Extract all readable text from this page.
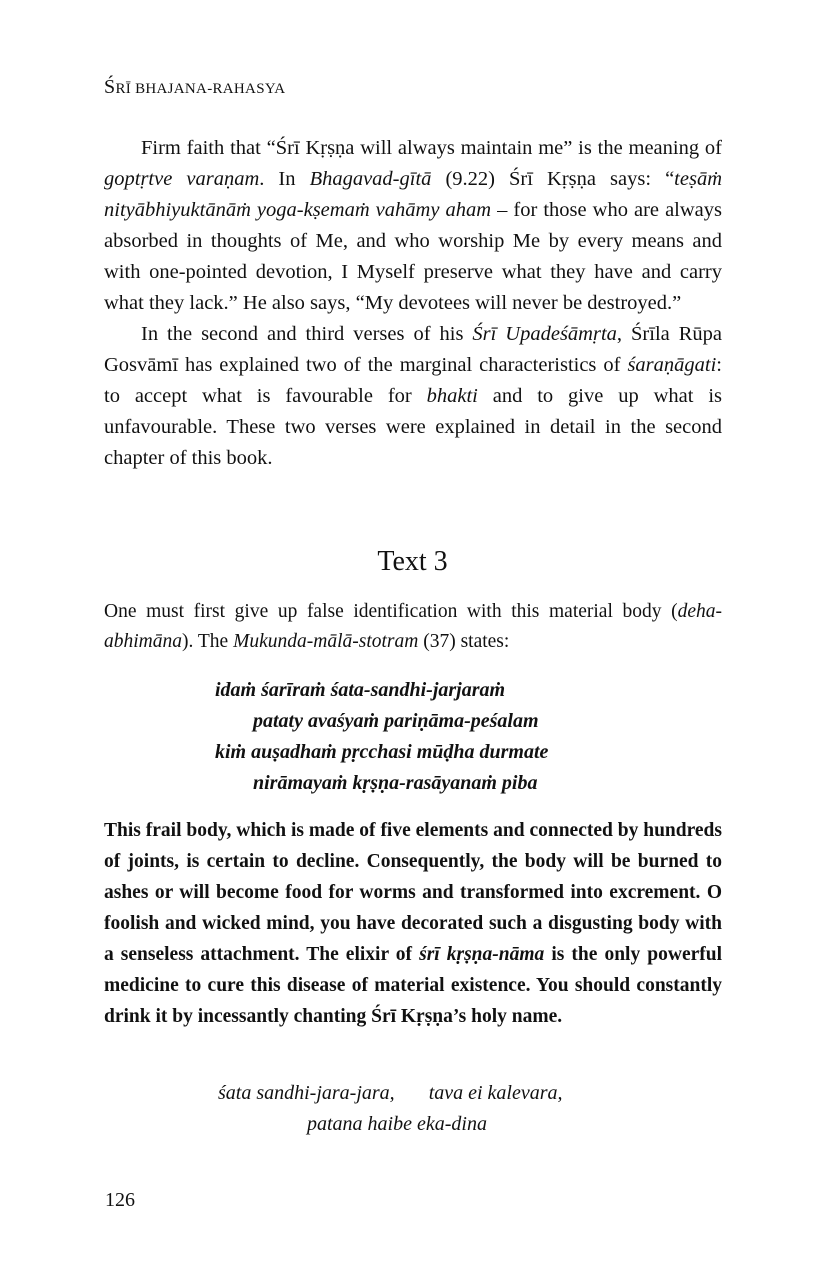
ŚRĪ BHAJANA-RAHASYA

Firm faith that “Śrī Kṛṣṇa will always maintain me” is the meaning of goptṛtve varaṇam. In Bhagavad-gītā (9.22) Śrī Kṛṣṇa says: “teṣāṁ nityābhiyuktānāṁ yoga-kṣemaṁ vahāmy aham – for those who are always absorbed in thoughts of Me, and who worship Me by every means and with one-pointed devotion, I Myself preserve what they have and carry what they lack.” He also says, “My devotees will never be destroyed.”

In the second and third verses of his Śrī Upadeśāmṛta, Śrīla Rūpa Gosvāmī has explained two of the marginal characteristics of śaraṇāgati: to accept what is favourable for bhakti and to give up what is unfavourable. These two verses were explained in detail in the second chapter of this book.

Text 3
One must first give up false identification with this material body (deha-abhimāna). The Mukunda-mālā-stotram (37) states:
idaṁ śarīraṁ śata-sandhi-jarjaraṁ
pataty avaśyaṁ pariṇāma-peśalam
kiṁ auṣadhaṁ pṛcchasi mūḍha durmate
nirāmayaṁ kṛṣṇa-rasāyanaṁ piba
This frail body, which is made of five elements and connected by hundreds of joints, is certain to decline. Consequently, the body will be burned to ashes or will become food for worms and transformed into excrement. O foolish and wicked mind, you have decorated such a disgusting body with a senseless attachment. The elixir of śrī kṛṣṇa-nāma is the only powerful medicine to cure this disease of material existence. You should constantly drink it by incessantly chanting Śrī Kṛṣṇa’s holy name.
śata sandhi-jara-jara, tava ei kalevara,
patana haibe eka-dina
126
